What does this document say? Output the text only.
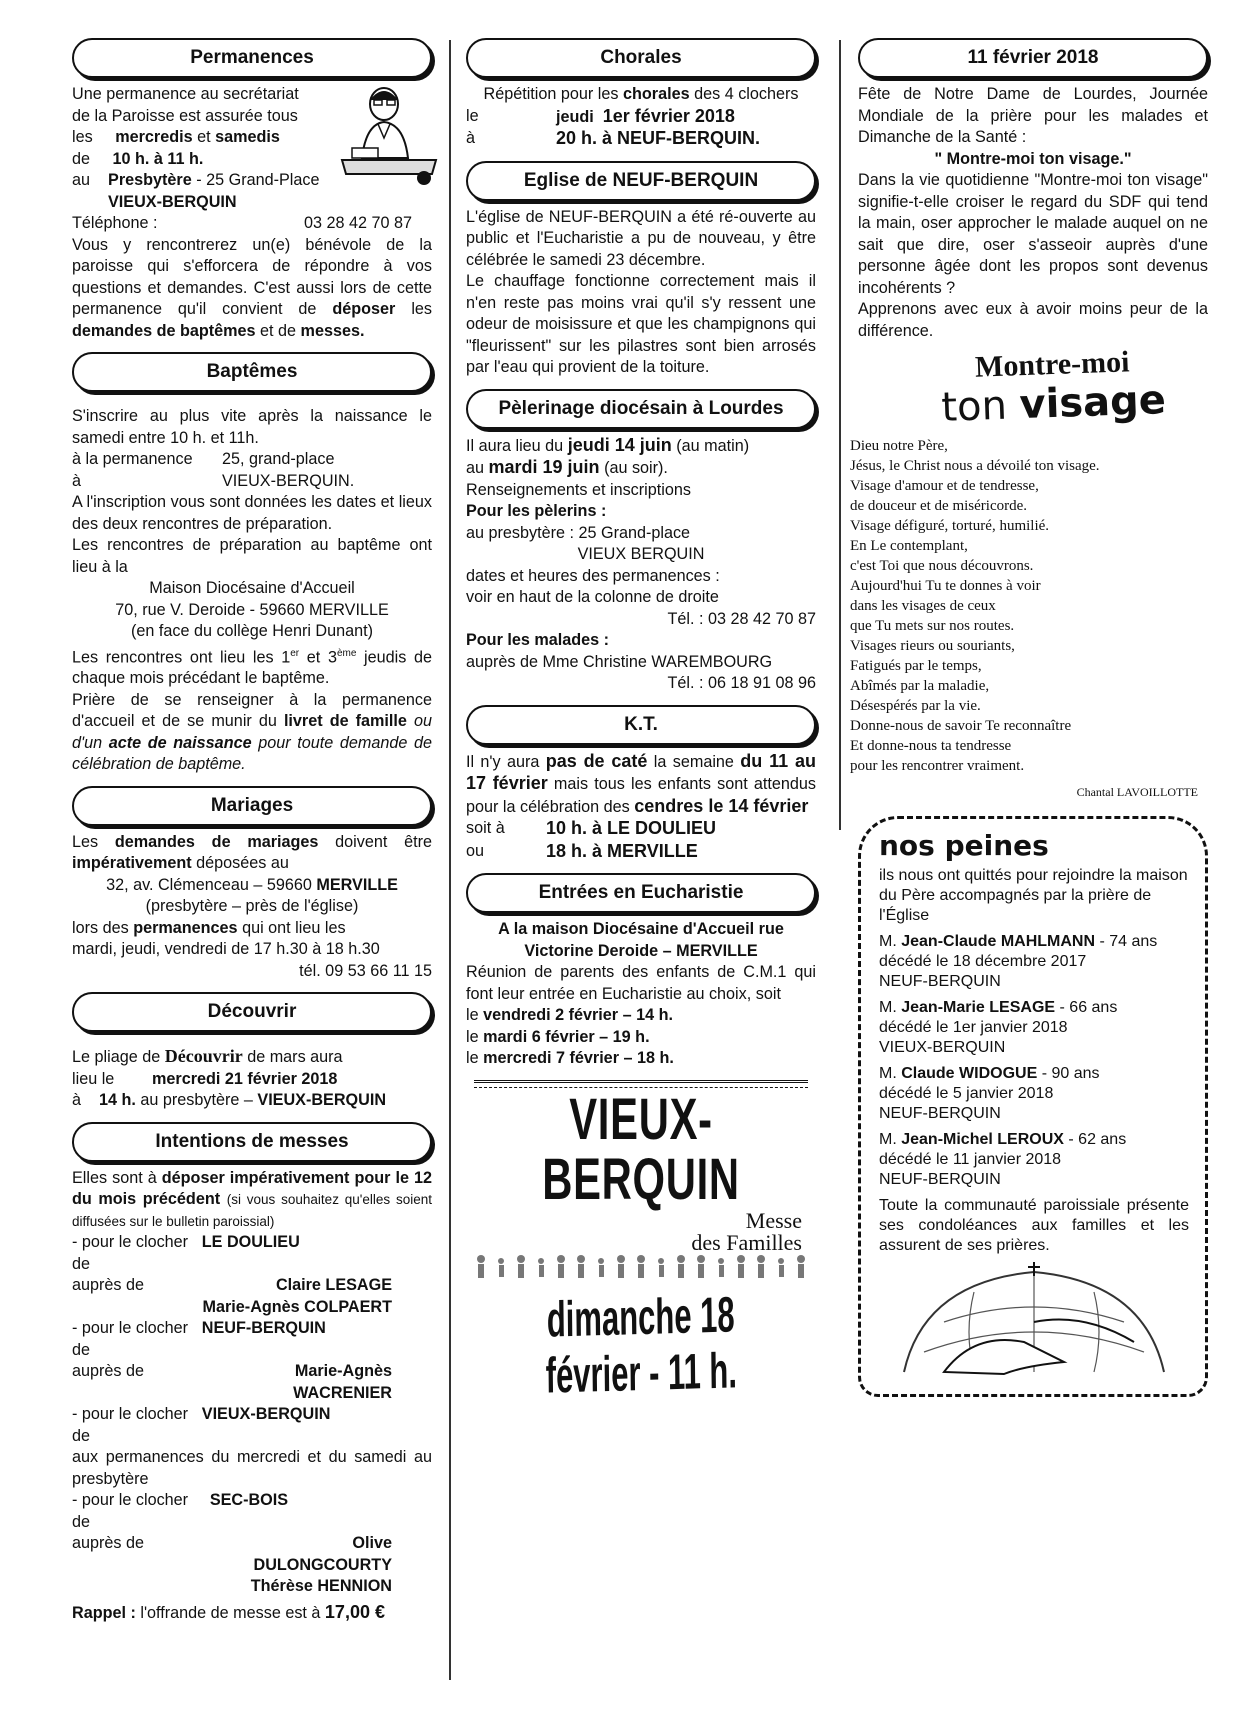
Permanences

Une permanence au secrétariat
de la Paroisse est assurée tous
les mercredis et samedis
de 10 h. à 11 h.
au Presbytère - 25 Grand-Place
VIEUX-BERQUIN

Téléphone :	03 28 42 70 87

Vous y rencontrerez un(e) bénévole de la paroisse qui s'efforcera de répondre à vos questions et demandes. C'est aussi lors de cette permanence qu'il convient de déposer les demandes de baptêmes et de messes.

Baptêmes

S'inscrire au plus vite après la naissance le samedi entre 10 h. et 11h.

à la permanence	25, grand-place
à	VIEUX-BERQUIN.

A l'inscription vous sont données les dates et lieux des deux rencontres de préparation.

Les rencontres de préparation au baptême ont lieu à la

Maison Diocésaine d'Accueil

70, rue V. Deroide - 59660 MERVILLE

(en face du collège Henri Dunant)

Les rencontres ont lieu les 1er et 3ème jeudis de chaque mois précédant le baptême.

Prière de se renseigner à la permanence d'accueil et de se munir du livret de famille ou d'un acte de naissance pour toute demande de célébration de baptême.

Mariages

Les demandes de mariages doivent être impérativement déposées au

32, av. Clémenceau – 59660 MERVILLE

(presbytère – près de l'église)

lors des permanences qui ont lieu les

mardi, jeudi, vendredi de 17 h.30 à 18 h.30

tél. 09 53 66 11 15

Découvrir

Le pliage de Découvrir de mars aura

lieu le	mercredi 21 février 2018
à 14 h. au presbytère – VIEUX-BERQUIN
Intentions de messes

Elles sont à déposer impérativement pour le 12 du mois précédent (si vous souhaitez qu'elles soient diffusées sur le bulletin paroissial)

- pour le clocher de	LE DOULIEU
auprès de	Claire LESAGE
	Marie-Agnès COLPAERT
- pour le clocher de	NEUF-BERQUIN
auprès de	Marie-Agnès WACRENIER
- pour le clocher de	VIEUX-BERQUIN

aux permanences du mercredi et du samedi au presbytère

- pour le clocher de	SEC-BOIS
auprès de	Olive DULONGCOURTY
	Thérèse HENNION

Rappel : l'offrande de messe est à 17,00 €

Chorales

Répétition pour les chorales des 4 clochers

le	jeudi 1er février 2018
à	20 h. à NEUF-BERQUIN.
Eglise de NEUF-BERQUIN

L'église de NEUF-BERQUIN a été ré-ouverte au public et l'Eucharistie a pu de nouveau, y être célébrée le samedi 23 décembre.

Le chauffage fonctionne correctement mais il n'en reste pas moins vrai qu'il s'y ressent une odeur de moisissure et que les champignons qui "fleurissent" sur les pilastres sont bien arrosés par l'eau qui provient de la toiture.

Pèlerinage diocésain à Lourdes

Il aura lieu du jeudi 14 juin (au matin)
au mardi 19 juin (au soir).

Renseignements et inscriptions

Pour les pèlerins :

au presbytère : 25 Grand-place

VIEUX BERQUIN

dates et heures des permanences :

voir en haut de la colonne de droite

Tél. : 03 28 42 70 87

Pour les malades :

auprès de Mme Christine WAREMBOURG

Tél. : 06 18 91 08 96

K.T.

Il n'y aura pas de caté la semaine du 11 au 17 février mais tous les enfants sont attendus pour la célébration des cendres le 14 février

soit à	10 h. à LE DOULIEU
ou	18 h. à MERVILLE
Entrées en Eucharistie

A la maison Diocésaine d'Accueil rue Victorine Deroide – MERVILLE

Réunion de parents des enfants de C.M.1 qui font leur entrée en Eucharistie au choix, soit

le vendredi 2 février – 14 h.

le mardi 6 février – 19 h.

le mercredi 7 février – 18 h.

VIEUX-BERQUIN
Messe
des Familles
dimanche 18 février - 11 h.
11 février 2018

Fête de Notre Dame de Lourdes, Journée Mondiale de la prière pour les malades et Dimanche de la Santé :

" Montre-moi ton visage."

Dans la vie quotidienne "Montre-moi ton visage" signifie-t-elle croiser le regard du SDF qui tend la main, oser approcher le malade auquel on ne sait que dire, oser s'asseoir auprès d'une personne âgée dont les propos sont devenus incohérents ?

Apprenons avec eux à avoir moins peur de la différence.

Montre-moi
ton visage

Dieu notre Père,

Jésus, le Christ nous a dévoilé ton visage.

Visage d'amour et de tendresse,

de douceur et de miséricorde.

Visage défiguré, torturé, humilié.

En Le contemplant,

c'est Toi que nous découvrons.

Aujourd'hui Tu te donnes à voir

dans les visages de ceux

que Tu mets sur nos routes.

Visages rieurs ou souriants,

Fatigués par le temps,

Abîmés par la maladie,

Désespérés par la vie.

Donne-nous de savoir Te reconnaître

Et donne-nous ta tendresse

pour les rencontrer vraiment.

Chantal LAVOILLOTTE

nos peines

ils nous ont quittés pour rejoindre la maison du Père accompagnés par la prière de l'Église

M. Jean-Claude MAHLMANN - 74 ans

décédé le 18 décembre 2017

NEUF-BERQUIN

M. Jean-Marie LESAGE - 66 ans

décédé le 1er janvier 2018

VIEUX-BERQUIN

M. Claude WIDOGUE - 90 ans

décédé le 5 janvier 2018

NEUF-BERQUIN

M. Jean-Michel LEROUX - 62 ans

décédé le 11 janvier 2018

NEUF-BERQUIN

Toute la communauté paroissiale présente ses condoléances aux familles et les assurent de ses prières.
